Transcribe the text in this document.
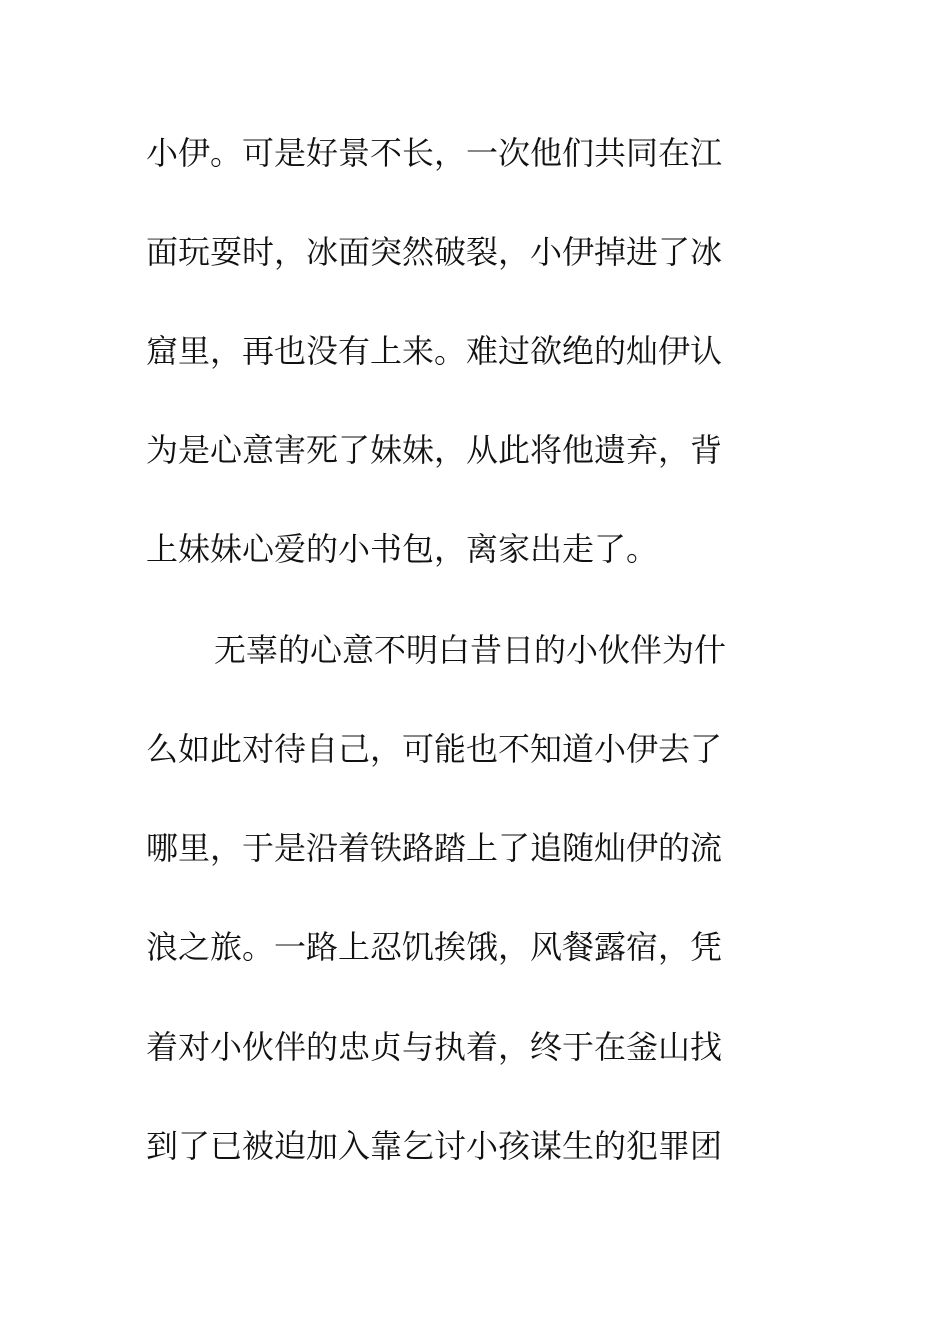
小伊。可是好景不长，一次他们共同在江
面玩耍时，冰面突然破裂，小伊掉进了冰
窟里，再也没有上来。难过欲绝的灿伊认
为是心意害死了妹妹，从此将他遗弃，背
上妹妹心爱的小书包，离家出走了。
无辜的心意不明白昔日的小伙伴为什
么如此对待自己，可能也不知道小伊去了
哪里，于是沿着铁路踏上了追随灿伊的流
浪之旅。一路上忍饥挨饿，风餐露宿，凭
着对小伙伴的忠贞与执着，终于在釜山找
到了已被迫加入靠乞讨小孩谋生的犯罪团
